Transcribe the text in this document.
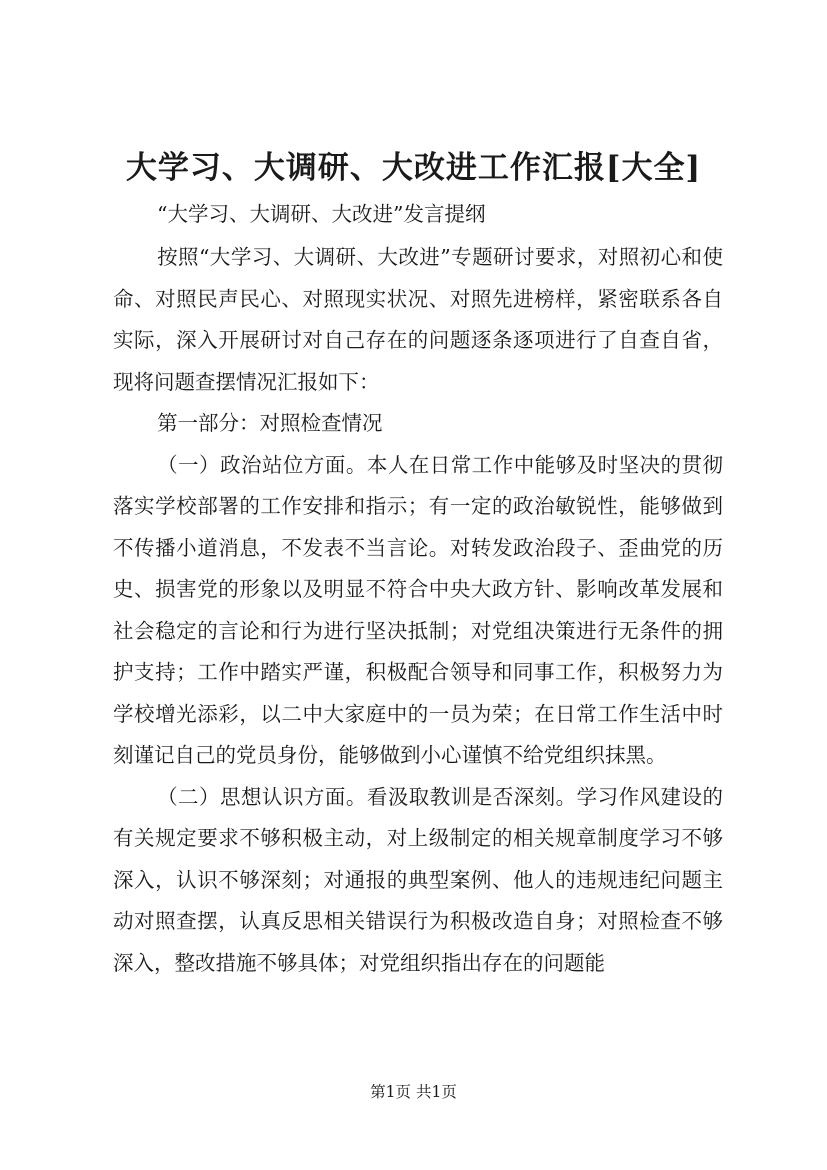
大学习、大调研、大改进工作汇报[大全]
“大学习、大调研、大改进”发言提纲

按照“大学习、大调研、大改进”专题研讨要求，对照初心和使命、对照民声民心、对照现实状况、对照先进榜样，紧密联系各自实际，深入开展研讨对自己存在的问题逐条逐项进行了自查自省，现将问题查摆情况汇报如下：

第一部分：对照检查情况

（一）政治站位方面。本人在日常工作中能够及时坚决的贯彻落实学校部署的工作安排和指示；有一定的政治敏锐性，能够做到不传播小道消息，不发表不当言论。对转发政治段子、歪曲党的历史、损害党的形象以及明显不符合中央大政方针、影响改革发展和社会稳定的言论和行为进行坚决抵制；对党组决策进行无条件的拥护支持；工作中踏实严谨，积极配合领导和同事工作，积极努力为学校增光添彩，以二中大家庭中的一员为荣；在日常工作生活中时刻谨记自己的党员身份，能够做到小心谨慎不给党组织抹黑。

（二）思想认识方面。看汲取教训是否深刻。学习作风建设的有关规定要求不够积极主动，对上级制定的相关规章制度学习不够深入，认识不够深刻；对通报的典型案例、他人的违规违纪问题主动对照查摆，认真反思相关错误行为积极改造自身；对照检查不够深入，整改措施不够具体；对党组织指出存在的问题能

第1页 共1页
